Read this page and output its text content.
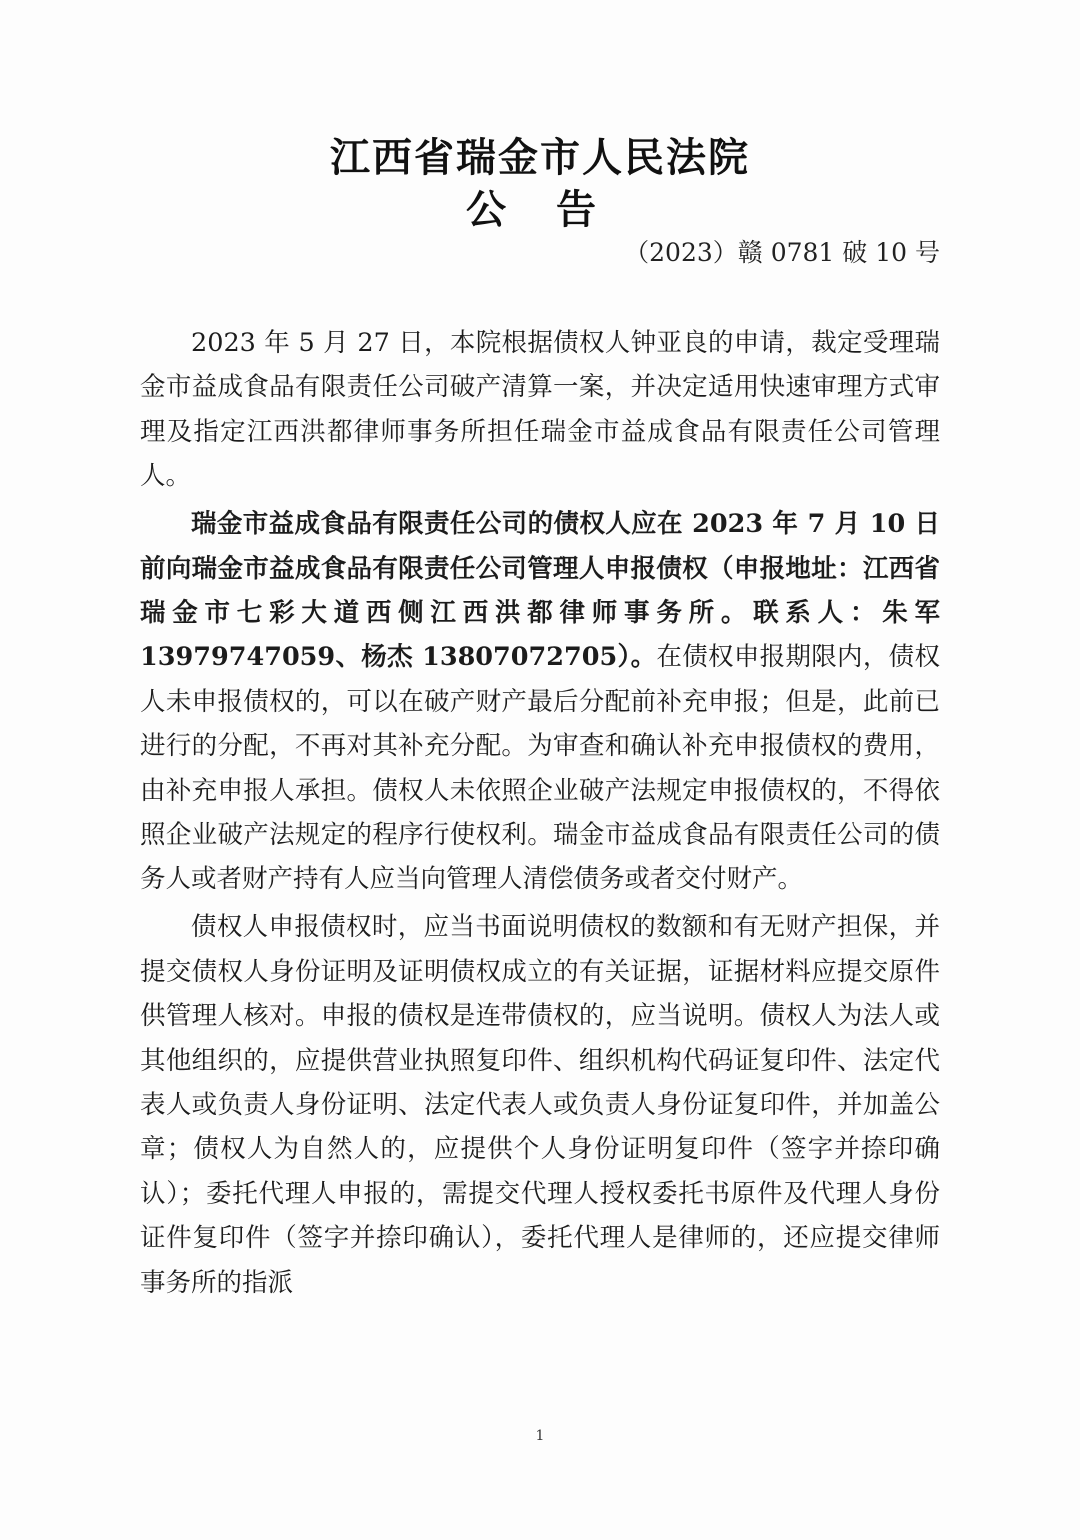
江西省瑞金市人民法院
公 告
（2023）赣 0781 破 10 号

2023 年 5 月 27 日，本院根据债权人钟亚良的申请，裁定受理瑞金市益成食品有限责任公司破产清算一案，并决定适用快速审理方式审理及指定江西洪都律师事务所担任瑞金市益成食品有限责任公司管理人。

瑞金市益成食品有限责任公司的债权人应在 2023 年 7 月 10 日前向瑞金市益成食品有限责任公司管理人申报债权（申报地址：江西省瑞金市七彩大道西侧江西洪都律师事务所。联系人：朱军 13979747059、杨杰 13807072705）。在债权申报期限内，债权人未申报债权的，可以在破产财产最后分配前补充申报；但是，此前已进行的分配，不再对其补充分配。为审查和确认补充申报债权的费用，由补充申报人承担。债权人未依照企业破产法规定申报债权的，不得依照企业破产法规定的程序行使权利。瑞金市益成食品有限责任公司的债务人或者财产持有人应当向管理人清偿债务或者交付财产。

债权人申报债权时，应当书面说明债权的数额和有无财产担保，并提交债权人身份证明及证明债权成立的有关证据，证据材料应提交原件供管理人核对。申报的债权是连带债权的，应当说明。债权人为法人或其他组织的，应提供营业执照复印件、组织机构代码证复印件、法定代表人或负责人身份证明、法定代表人或负责人身份证复印件，并加盖公章；债权人为自然人的，应提供个人身份证明复印件（签字并捺印确认）；委托代理人申报的，需提交代理人授权委托书原件及代理人身份证件复印件（签字并捺印确认），委托代理人是律师的，还应提交律师事务所的指派

1
